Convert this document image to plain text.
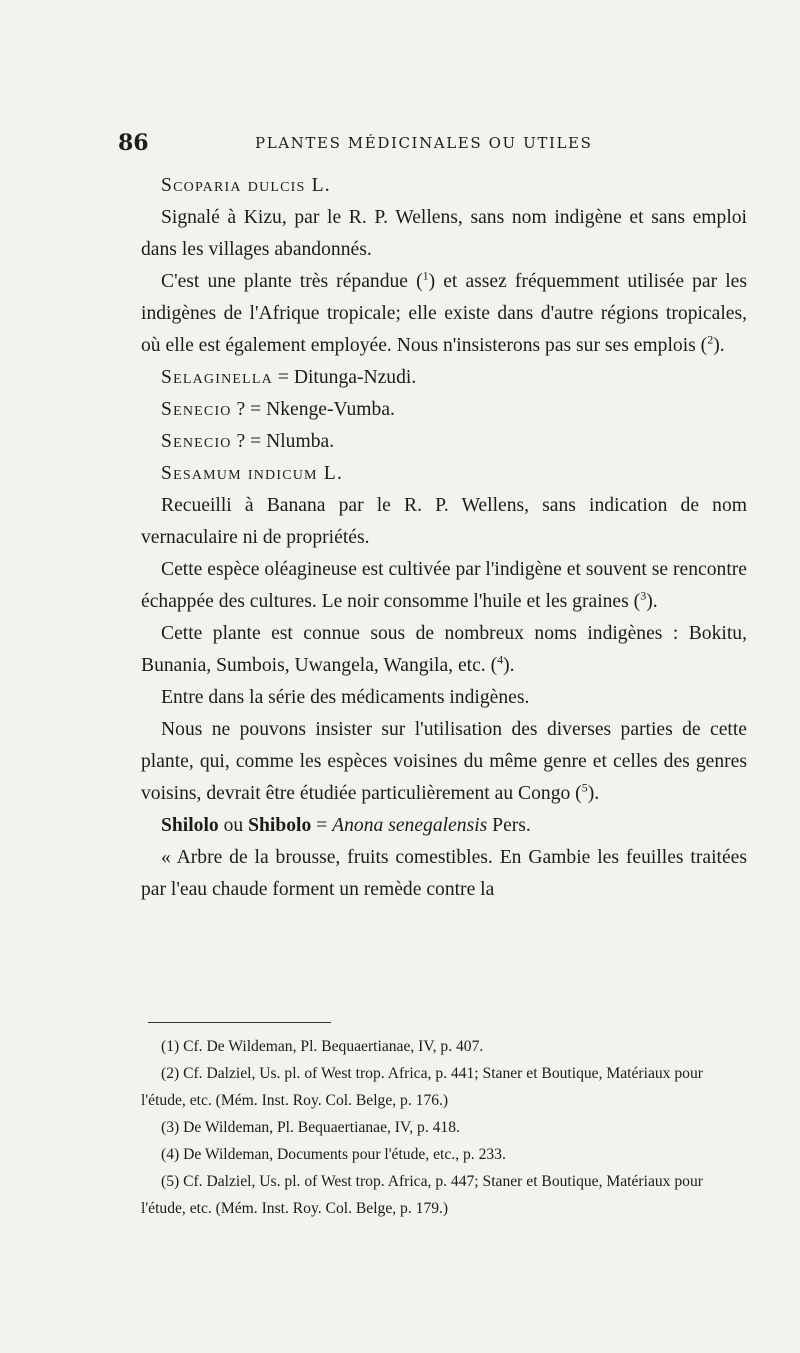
86	PLANTES MÉDICINALES OU UTILES

Scoparia dulcis L.

Signalé à Kizu, par le R. P. Wellens, sans nom indigène et sans emploi dans les villages abandonnés.

C'est une plante très répandue ($^1$) et assez fréquemment utilisée par les indigènes de l'Afrique tropicale; elle existe dans d'autre régions tropicales, où elle est également employée. Nous n'insisterons pas sur ses emplois ($^2$).

Selaginella = Ditunga-Nzudi.

Senecio ? = Nkenge-Vumba.

Senecio ? = Nlumba.

Sesamum indicum L.

Recueilli à Banana par le R. P. Wellens, sans indication de nom vernaculaire ni de propriétés.

Cette espèce oléagineuse est cultivée par l'indigène et souvent se rencontre échappée des cultures. Le noir consomme l'huile et les graines ($^3$).

Cette plante est connue sous de nombreux noms indigènes : Bokitu, Bunania, Sumbois, Uwangela, Wangila, etc. ($^4$).

Entre dans la série des médicaments indigènes.

Nous ne pouvons insister sur l'utilisation des diverses parties de cette plante, qui, comme les espèces voisines du même genre et celles des genres voisins, devrait être étudiée particulièrement au Congo ($^5$).

Shilolo ou Shibolo = Anona senegalensis Pers.

« Arbre de la brousse, fruits comestibles. En Gambie les feuilles traitées par l'eau chaude forment un remède contre la

(1) Cf. De Wildeman, Pl. Bequaertianae, IV, p. 407.

(2) Cf. Dalziel, Us. pl. of West trop. Africa, p. 441; Staner et Boutique, Matériaux pour l'étude, etc. (Mém. Inst. Roy. Col. Belge, p. 176.)

(3) De Wildeman, Pl. Bequaertianae, IV, p. 418.

(4) De Wildeman, Documents pour l'étude, etc., p. 233.

(5) Cf. Dalziel, Us. pl. of West trop. Africa, p. 447; Staner et Boutique, Matériaux pour l'étude, etc. (Mém. Inst. Roy. Col. Belge, p. 179.)
